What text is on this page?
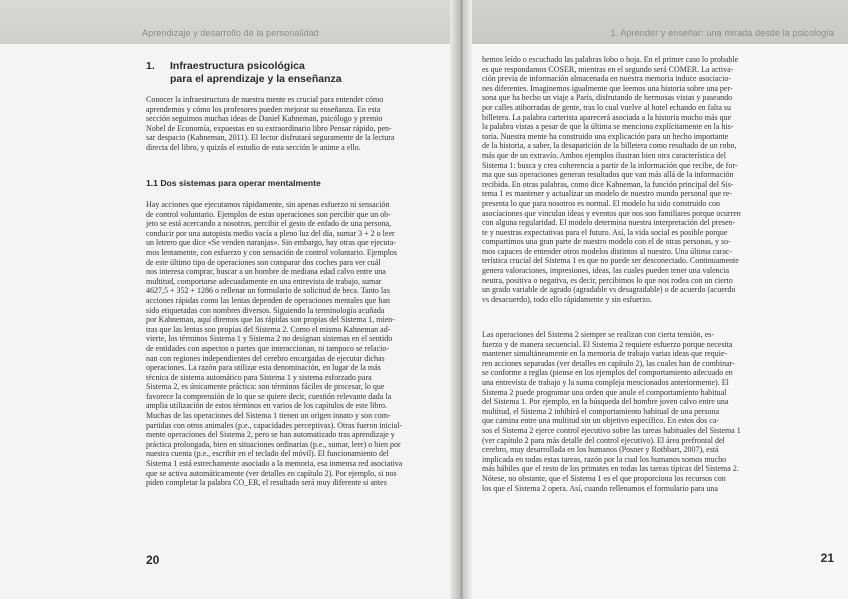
Aprendizaje y desarrollo de la personalidad
1. Infraestructura psicológica
para el aprendizaje y la enseñanza
Conocer la infraestructura de nuestra mente es crucial para entender cómo
aprendemos y cómo los profesores pueden mejorar su enseñanza. En esta
sección seguimos muchas ideas de Daniel Kahneman, psicólogo y premio
Nobel de Economía, expuestas en su extraordinario libro Pensar rápido, pen-
sar despacio (Kahneman, 2011). El lector disfrutará seguramente de la lectura
directa del libro, y quizás el estudio de esta sección le anime a ello.
1.1 Dos sistemas para operar mentalmente
Hay acciones que ejecutamos rápidamente, sin apenas esfuerzo ni sensación
de control voluntario. Ejemplos de estas operaciones son percibir que un ob-
jeto se está acercando a nosotros, percibir el gesto de enfado de una persona,
conducir por una autopista medio vacía a pleno luz del día, sumar 3 + 2 o leer
un letrero que dice «Se venden naranjas». Sin embargo, hay otras que ejecuta-
mos lentamente, con esfuerzo y con sensación de control voluntario. Ejemplos
de este último tipo de operaciones son comparar dos coches para ver cuál
nos interesa comprar, buscar a un hombre de mediana edad calvo entre una
multitud, comportarse adecuadamente en una entrevista de trabajo, sumar
4627,5 + 352 + 1286 o rellenar un formulario de solicitud de beca. Tanto las
acciones rápidas como las lentas dependen de operaciones mentales que han
sido etiquetadas con nombres diversos. Siguiendo la terminología acuñada
por Kahneman, aquí diremos que las rápidas son propias del Sistema 1, mien-
tras que las lentas son propias del Sistema 2. Como el mismo Kahneman ad-
vierte, los términos Sistema 1 y Sistema 2 no designan sistemas en el sentido
de entidades con aspectos o partes que interaccionan, ni tampoco se relacio-
nan con regiones independientes del cerebro encargadas de ejecutar dichas
operaciones. La razón para utilizar esta denominación, en lugar de la más
técnica de sistema automático para Sistema 1 y sistema esforzado para
Sistema 2, es únicamente práctica: son términos fáciles de procesar, lo que
favorece la comprensión de lo que se quiere decir, cuestión relevante dada la
amplia utilización de estos términos en varios de los capítulos de este libro.
Muchas de las operaciones del Sistema 1 tienen un origen innato y son com-
partidas con otros animales (p.e., capacidades perceptivas). Otras fueron inicial-
mente operaciones del Sistema 2, pero se han automatizado tras aprendizaje y
práctica prolongada, bien en situaciones ordinarias (p.e., sumar, leer) o bien por
nuestra cuenta (p.e., escribir en el teclado del móvil). El funcionamiento del
Sistema 1 está estrechamente asociado a la memoria, esa inmensa red asociativa
que se activa automáticamente (ver detalles en capítulo 2). Por ejemplo, si nos
piden completar la palabra CO_ER, el resultado será muy diferente si antes
20
1. Aprender y enseñar: una mirada desde la psicología
hemos leído o escuchado las palabras lobo o hoja. En el primer caso lo probable
es que respondamos COSER, mientras en el segundo será COMER. La activa-
ción previa de información almacenada en nuestra memoria induce asociacio-
nes diferentes. Imaginemos igualmente que leemos una historia sobre una per-
sona que ha hecho un viaje a París, disfrutando de hermosas vistas y paseando
por calles atiborradas de gente, tras lo cual vuelve al hotel echando en falta su
billetera. La palabra carterista aparecerá asociada a la historia mucho más que
la palabra vistas a pesar de que la última se menciona explícitamente en la his-
toria. Nuestra mente ha construido una explicación para un hecho importante
de la historia, a saber, la desaparición de la billetera como resultado de un robo,
más que de un extravío. Ambos ejemplos ilustran bien otra característica del
Sistema 1: busca y crea coherencia a partir de la información que recibe, de for-
ma que sus operaciones generan resultados que van más allá de la información
recibida. En otras palabras, como dice Kahneman, la función principal del Sis-
tema 1 es mantener y actualizar un modelo de nuestro mundo personal que re-
presenta lo que para nosotros es normal. El modelo ha sido construido con
asociaciones que vinculan ideas y eventos que nos son familiares porque ocurren
con alguna regularidad. El modelo determina nuestra interpretación del presen-
te y nuestras expectativas para el futuro. Así, la vida social es posible porque
compartimos una gran parte de nuestro modelo con el de otras personas, y so-
mos capaces de entender otros modelos distintos al nuestro. Una última carac-
terística crucial del Sistema 1 es que no puede ser desconectado. Continuamente
genera valoraciones, impresiones, ideas, las cuales pueden tener una valencia
neutra, positiva o negativa, es decir, percibimos lo que nos rodea con un cierto
un grado variable de agrado (agradable vs desagradable) o de acuerdo (acuerdo
vs desacuerdo), todo ello rápidamente y sin esfuerzo.
Las operaciones del Sistema 2 siempre se realizan con cierta tensión, es-
fuerzo y de manera secuencial. El Sistema 2 requiere esfuerzo porque necesita
mantener simultáneamente en la memoria de trabajo varias ideas que requie-
ren acciones separadas (ver detalles en capítulo 2), las cuales han de combinar-
se conforme a reglas (piense en los ejemplos del comportamiento adecuado en
una entrevista de trabajo y la suma compleja mencionados anteriormente). El
Sistema 2 puede programar una orden que anule el comportamiento habitual
del Sistema 1. Por ejemplo, en la búsqueda del hombre joven calvo entre una
multitud, el Sistema 2 inhibirá el comportamiento habitual de una persona
que camina entre una multitud sin un objetivo específico. En estos dos ca-
sos el Sistema 2 ejerce control ejecutivo sobre las tareas habituales del Sistema 1
(ver capítulo 2 para más detalle del control ejecutivo). El área prefrontal del
cerebro, muy desarrollada en los humanos (Posner y Rothbart, 2007), está
implicada en todas estas tareas, razón por la cual los humanos somos mucho
más hábiles que el resto de los primates en todas las tareas típicas del Sistema 2.
Nótese, no obstante, que el Sistema 1 es el que proporciona los recursos con
los que el Sistema 2 opera. Así, cuando rellenamos el formulario para una
21
